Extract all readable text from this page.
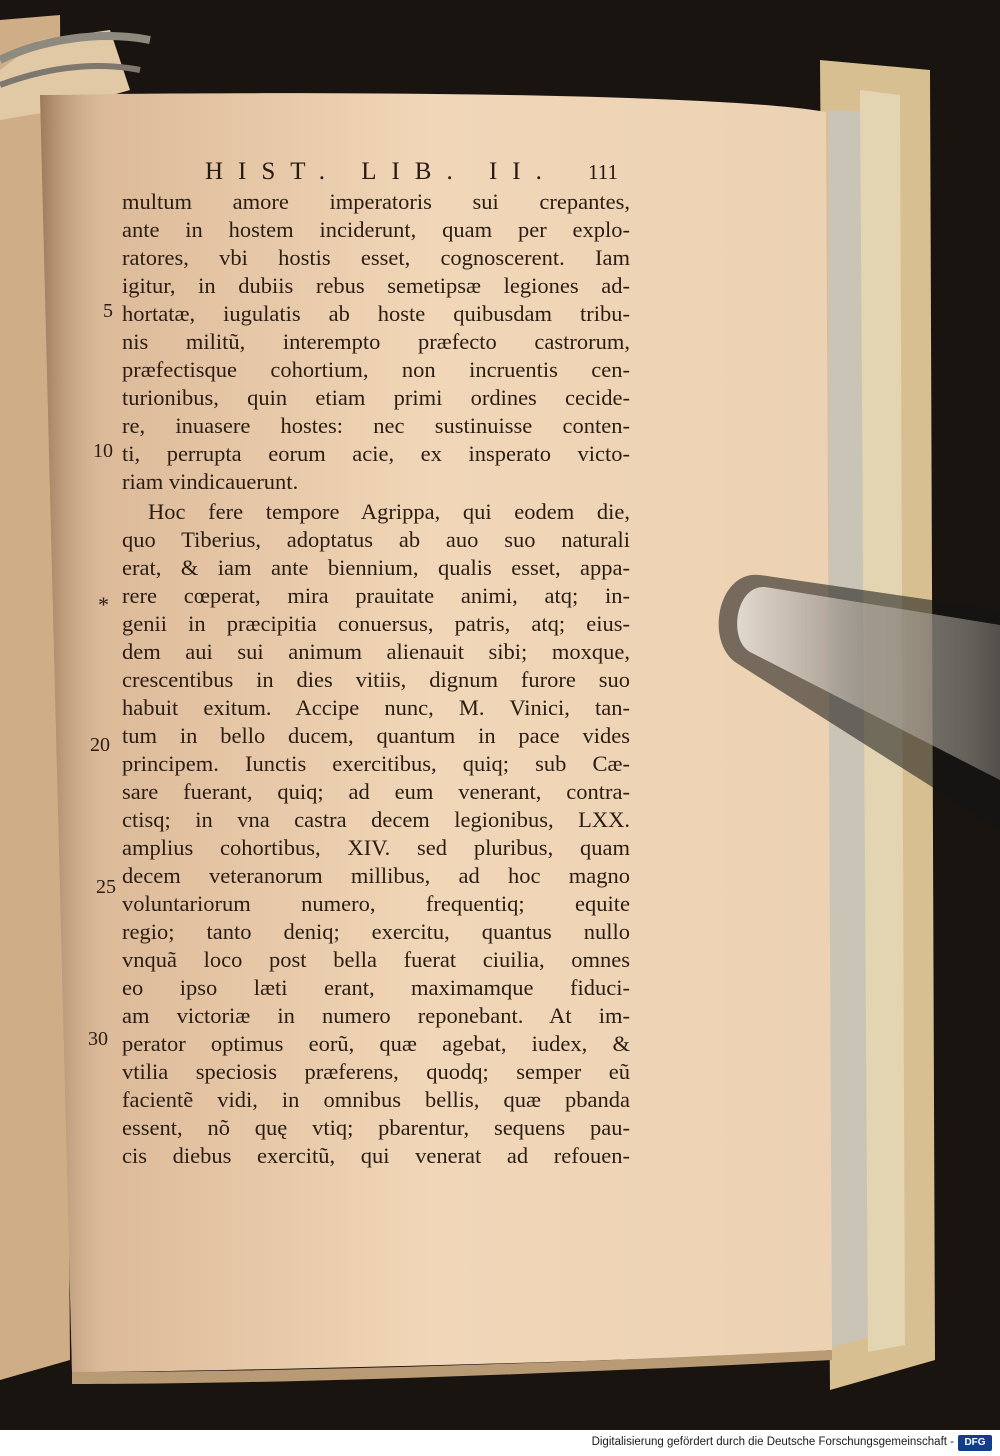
HIST. LIB. II.	111
multum amore imperatoris sui crepantes,
ante in hostem inciderunt, quam per explo-
ratores, vbi hostis esset, cognoscerent. Iam
igitur, in dubiis rebus semetipsæ legiones ad-
hortatæ, iugulatis ab hoste quibusdam tribu-
nis militũ, interempto præfecto castrorum,
præfectisque cohortium, non incruentis cen-
turionibus, quin etiam primi ordines cecide-
re, inuasere hostes: nec sustinuisse conten-
ti, perrupta eorum acie, ex insperato victo-
riam vindicauerunt.
Hoc fere tempore Agrippa, qui eodem die,
quo Tiberius, adoptatus ab auo suo naturali
erat, & iam ante biennium, qualis esset, appa-
rere cœperat, mira prauitate animi, atq; in-
genii in præcipitia conuersus, patris, atq; eius-
dem aui sui animum alienauit sibi; moxque,
crescentibus in dies vitiis, dignum furore suo
habuit exitum. Accipe nunc, M. Vinici, tan-
tum in bello ducem, quantum in pace vides
principem. Iunctis exercitibus, quiq; sub Cæ-
sare fuerant, quiq; ad eum venerant, contra-
ctisq; in vna castra decem legionibus, LXX.
amplius cohortibus, XIV. sed pluribus, quam
decem veteranorum millibus, ad hoc magno
voluntariorum numero, frequentiq; equite
regio; tanto deniq; exercitu, quantus nullo
vnquã loco post bella fuerat ciuilia, omnes
eo ipso læti erant, maximamque fiduci-
am victoriæ in numero reponebant. At im-
perator optimus eorũ, quæ agebat, iudex, &
vtilia speciosis præferens, quodq; semper eũ
facientẽ vidi, in omnibus bellis, quæ pbanda
essent, nõ quę vtiq; pbarentur, sequens pau-
cis diebus exercitũ, qui venerat ad refouen-
5
10
*
20
25
30
Digitalisierung gefördert durch die Deutsche Forschungsgemeinschaft -	DFG
